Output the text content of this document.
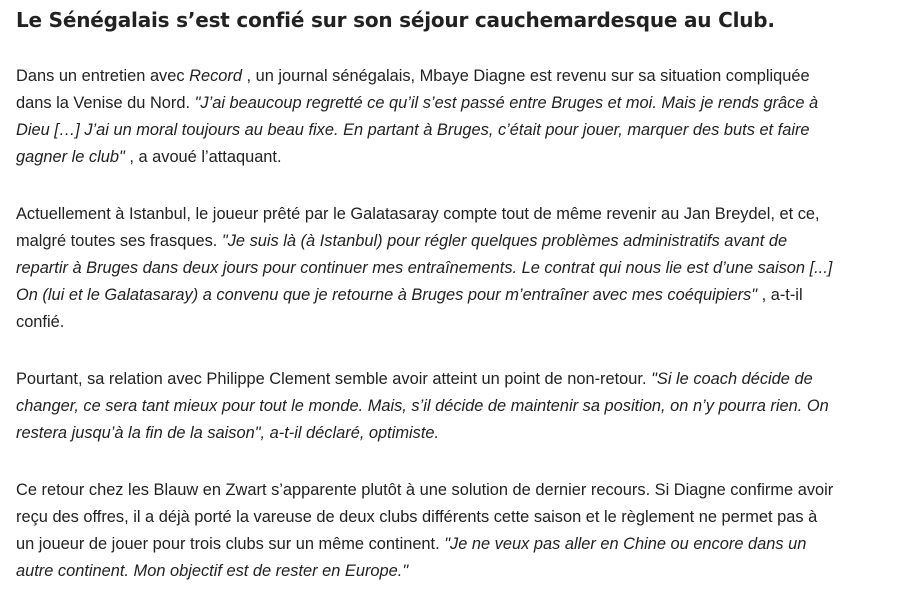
Le Sénégalais s’est confié sur son séjour cauchemardesque au Club.

Dans un entretien avec Record , un journal sénégalais, Mbaye Diagne est revenu sur sa situation compliquée
dans la Venise du Nord. "J’ai beaucoup regretté ce qu’il s’est passé entre Bruges et moi. Mais je rends grâce à
Dieu […] J’ai un moral toujours au beau fixe. En partant à Bruges, c’était pour jouer, marquer des buts et faire
gagner le club" , a avoué l’attaquant.

Actuellement à Istanbul, le joueur prêté par le Galatasaray compte tout de même revenir au Jan Breydel, et ce,
malgré toutes ses frasques. "Je suis là (à Istanbul) pour régler quelques problèmes administratifs avant de
repartir à Bruges dans deux jours pour continuer mes entraînements. Le contrat qui nous lie est d’une saison [...]
On (lui et le Galatasaray) a convenu que je retourne à Bruges pour m’entraîner avec mes coéquipiers" , a-t-il
confié.

Pourtant, sa relation avec Philippe Clement semble avoir atteint un point de non-retour. "Si le coach décide de
changer, ce sera tant mieux pour tout le monde. Mais, s’il décide de maintenir sa position, on n’y pourra rien. On
restera jusqu’à la fin de la saison", a-t-il déclaré, optimiste.

Ce retour chez les Blauw en Zwart s’apparente plutôt à une solution de dernier recours. Si Diagne confirme avoir
reçu des offres, il a déjà porté la vareuse de deux clubs différents cette saison et le règlement ne permet pas à
un joueur de jouer pour trois clubs sur un même continent. "Je ne veux pas aller en Chine ou encore dans un
autre continent. Mon objectif est de rester en Europe."
